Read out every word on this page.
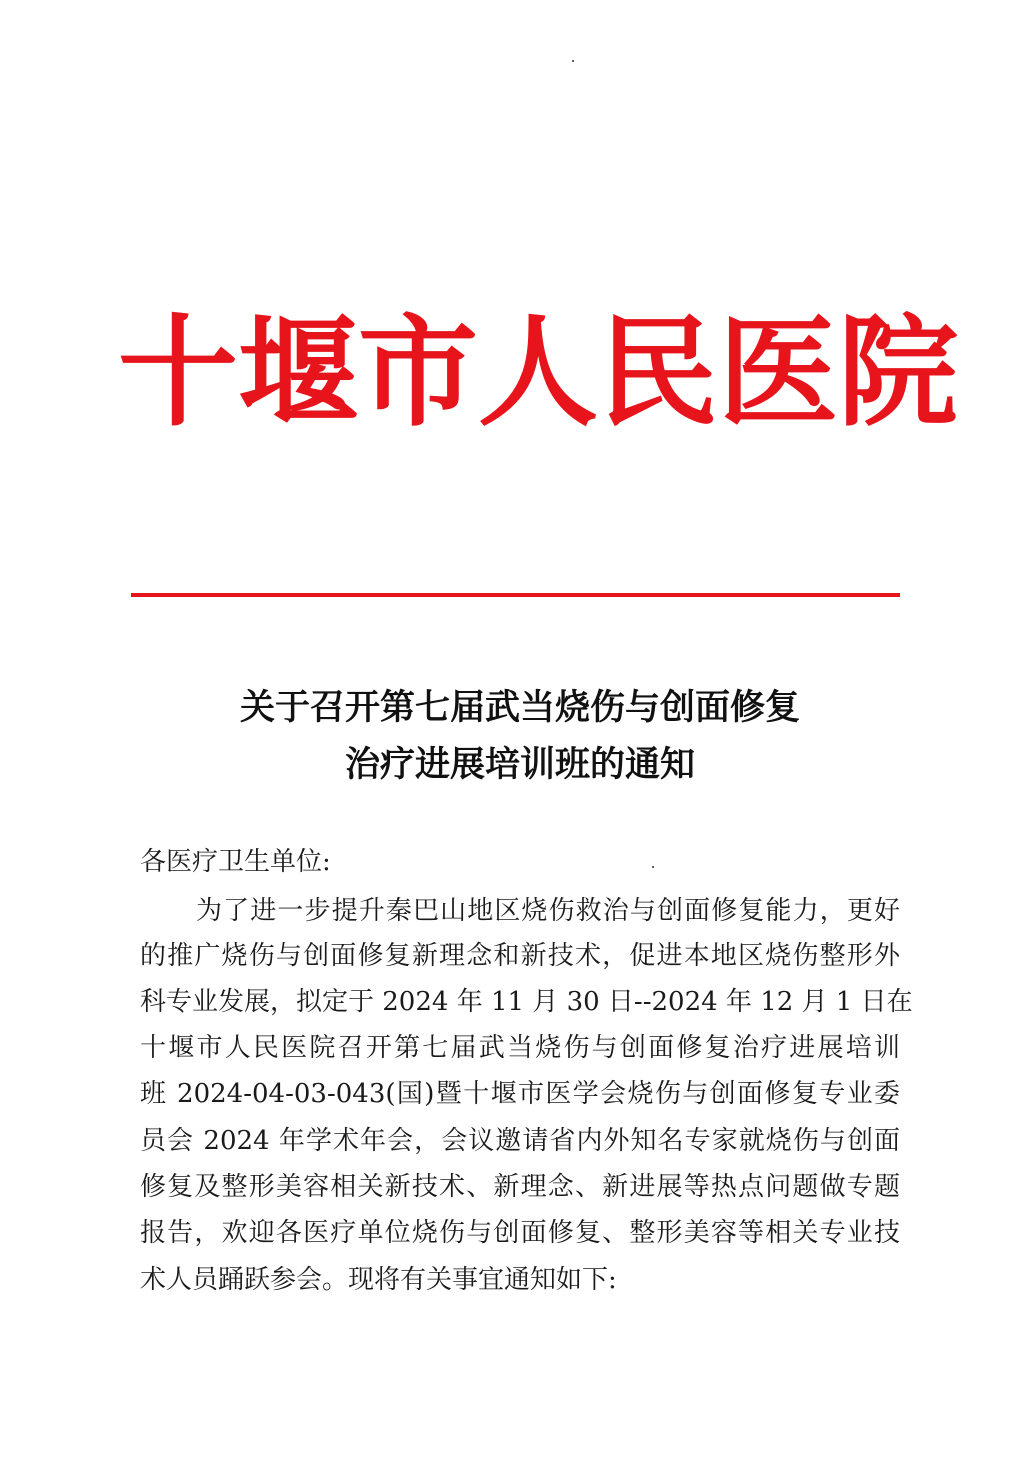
十 堰 市 人 民 医 院
关于召开第七届武当烧伤与创面修复
治疗进展培训班的通知
各医疗卫生单位:
为了进一步提升秦巴山地区烧伤救治与创面修复能力，更好
的推广烧伤与创面修复新理念和新技术，促进本地区烧伤整形外
科专业发展，拟定于 2024 年 11 月 30 日--2024 年 12 月 1 日在
十堰市人民医院召开第七届武当烧伤与创面修复治疗进展培训
班 2024-04-03-043(国)暨十堰市医学会烧伤与创面修复专业委
员会 2024 年学术年会，会议邀请省内外知名专家就烧伤与创面
修复及整形美容相关新技术、新理念、新进展等热点问题做专题
报告，欢迎各医疗单位烧伤与创面修复、整形美容等相关专业技
术人员踊跃参会。现将有关事宜通知如下:
